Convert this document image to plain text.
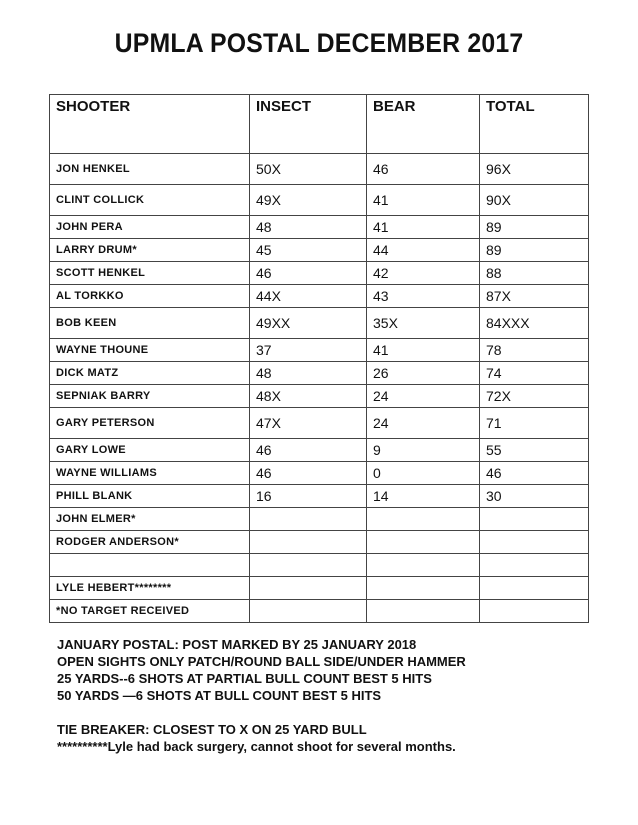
UPMLA POSTAL DECEMBER 2017
SHOOTER	INSECT	BEAR	TOTAL
JON HENKEL	50X	46	96X
CLINT COLLICK	49X	41	90X
JOHN PERA	48	41	89
LARRY DRUM*	45	44	89
SCOTT HENKEL	46	42	88
AL TORKKO	44X	43	87X
BOB KEEN	49XX	35X	84XXX
WAYNE THOUNE	37	41	78
DICK MATZ	48	26	74
SEPNIAK BARRY	48X	24	72X
GARY PETERSON	47X	24	71
GARY LOWE	46	9	55
WAYNE WILLIAMS	46	0	46
PHILL BLANK	16	14	30
JOHN ELMER*			
RODGER ANDERSON*			

LYLE HEBERT********			
*NO TARGET RECEIVED			
JANUARY POSTAL: POST MARKED BY 25 JANUARY 2018
OPEN SIGHTS ONLY PATCH/ROUND BALL SIDE/UNDER HAMMER
25 YARDS--6 SHOTS AT PARTIAL BULL COUNT BEST 5 HITS
50 YARDS —6 SHOTS AT BULL COUNT BEST 5 HITS
TIE BREAKER: CLOSEST TO X ON 25 YARD BULL
**********Lyle had back surgery, cannot shoot for several months.
